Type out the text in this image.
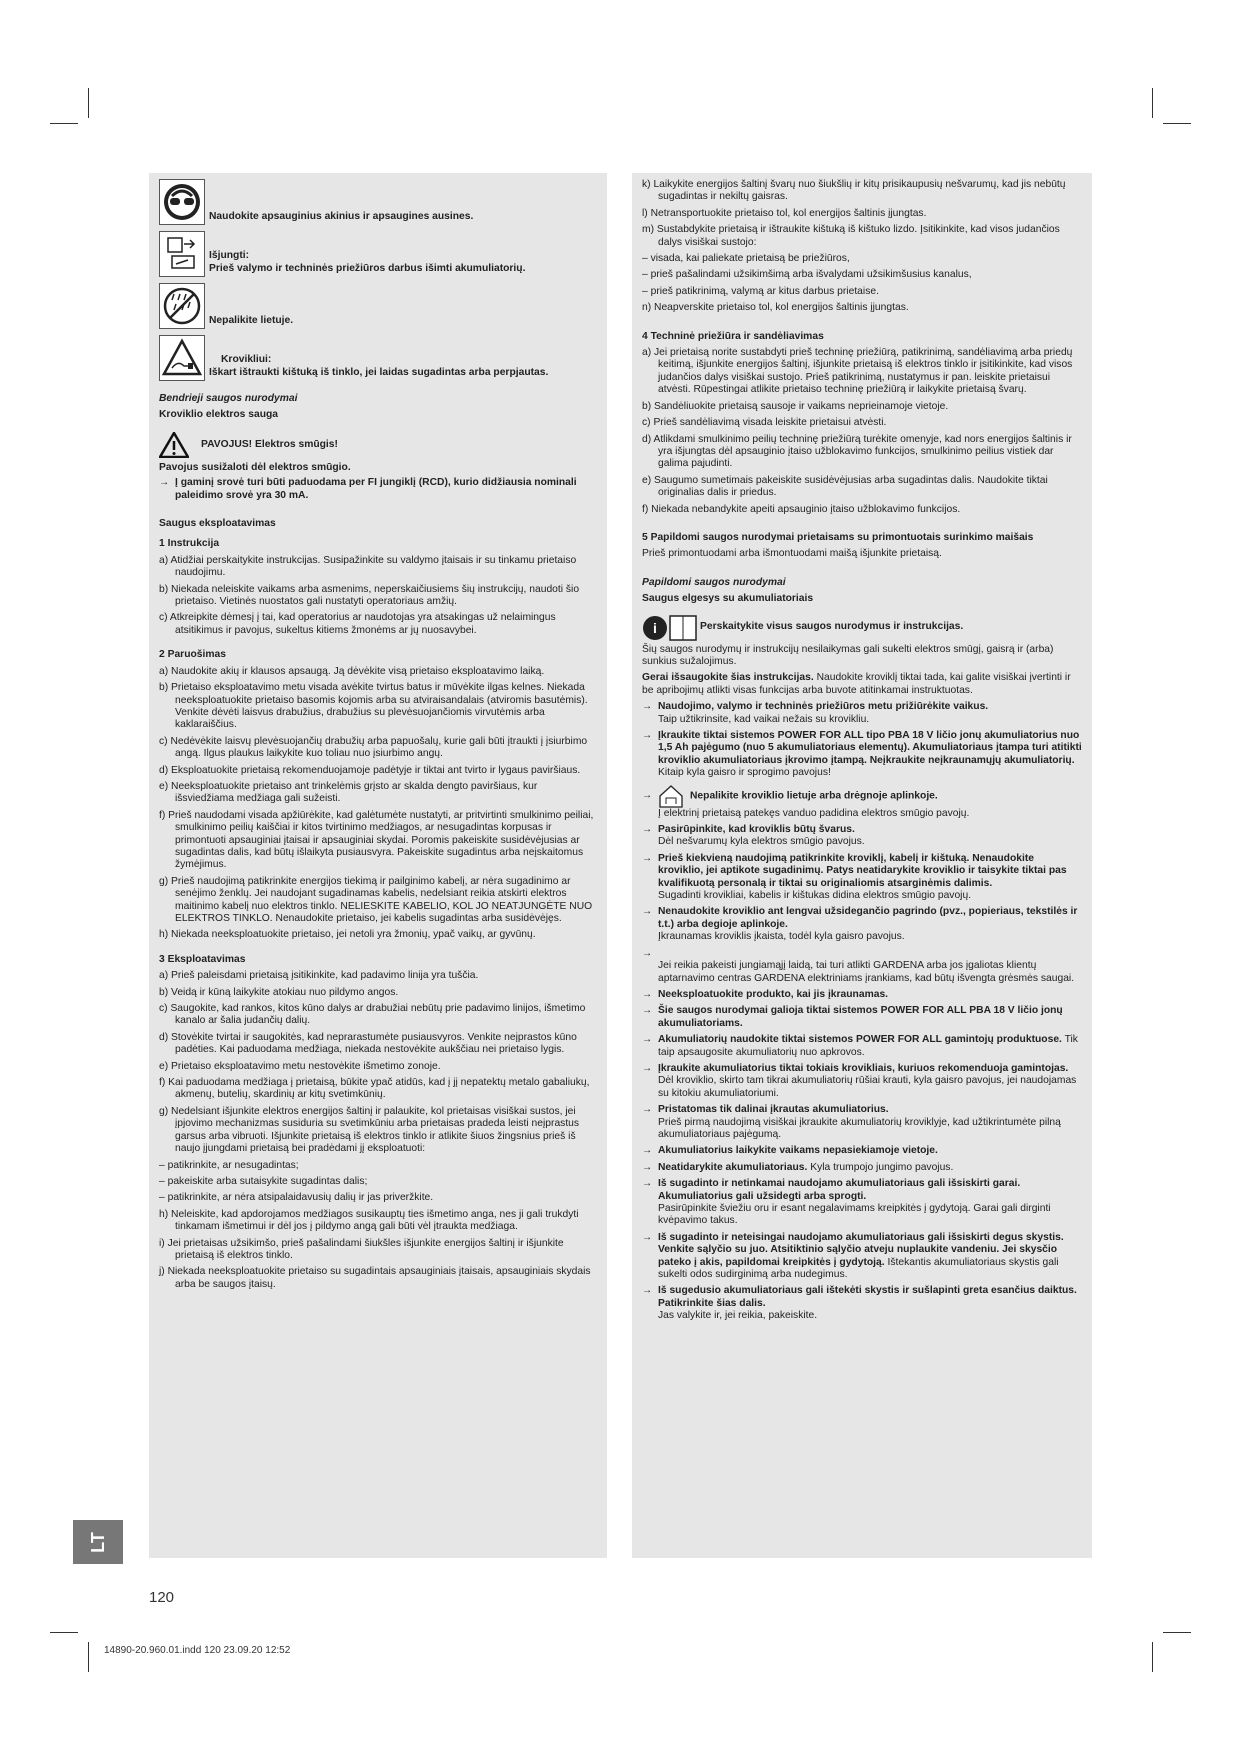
Naudokite apsauginius akinius ir apsaugines ausines.
Išjungti:
Prieš valymo ir techninės priežiūros darbus išimti akumuliatorių.
Nepalikite lietuje.
Krovikliui:
Iškart ištraukti kištuką iš tinklo, jei laidas sugadintas arba perpjautas.
Bendrieji saugos nurodymai
Kroviklio elektros sauga
PAVOJUS! Elektros smūgis!
Pavojus susižaloti dėl elektros smūgio.
→ Į gaminį srovė turi būti paduodama per FI jungiklį (RCD), kurio didžiausia nominali paleidimo srovė yra 30 mA.
Saugus eksploatavimas
1 Instrukcija
a) Atidžiai perskaitykite instrukcijas. Susipažinkite su valdymo įtaisais ir su tinkamu prietaiso naudojimu.
b) Niekada neleiskite vaikams arba asmenims, neperskaičiusiems šių instrukcijų, naudoti šio prietaiso. Vietinės nuostatos gali nustatyti operatoriaus amžių.
c) Atkreipkite dėmesį į tai, kad operatorius ar naudotojas yra atsakingas už nelaimingus atsitikimus ir pavojus, sukeltus kitiems žmonėms ar jų nuosavybei.
2 Paruošimas
a) Naudokite akių ir klausos apsaugą. Ją dėvėkite visą prietaiso eksploatavimo laiką.
b) Prietaiso eksploatavimo metu visada avėkite tvirtus batus ir mūvėkite ilgas kelnes. Niekada neeksploatuokite prietaiso basomis kojomis arba su atviraisandalais (atviromis basutėmis). Venkite dėvėti laisvus drabužius, drabužius su plevėsuojančiomis virvutėmis arba kaklaraiščius.
c) Nedėvėkite laisvų plevėsuojančių drabužių arba papuošalų, kurie gali būti įtraukti į įsiurbimo angą. Ilgus plaukus laikykite kuo toliau nuo įsiurbimo angų.
d) Eksploatuokite prietaisą rekomenduojamoje padėtyje ir tiktai ant tvirto ir lygaus paviršiaus.
e) Neeksploatuokite prietaiso ant trinkelėmis grįsto ar skalda dengto paviršiaus, kur išsviedžiama medžiaga gali sužeisti.
f) Prieš naudodami visada apžiūrėkite, kad galėtumėte nustatyti, ar pritvirtinti smulkinimo peiliai, smulkinimo peilių kaiščiai ir kitos tvirtinimo medžiagos, ar nesugadintas korpusas ir primontuoti apsauginiai įtaisai ir apsauginiai skydai. Poromis pakeiskite susidėvėjusias ar sugadintas dalis, kad būtų išlaikyta pusiausvyra. Pakeiskite sugadintus arba neįskaitomus žymėjimus.
g) Prieš naudojimą patikrinkite energijos tiekimą ir pailginimo kabelį, ar nėra sugadinimo ar senėjimo ženklų. Jei naudojant sugadinamas kabelis, nedelsiant reikia atskirti elektros maitinimo kabelį nuo elektros tinklo. NELIESKITE KABELIO, KOL JO NEATJUNGĖTE NUO ELEKTROS TINKLO. Nenaudokite prietaiso, jei kabelis sugadintas arba susidėvėjęs.
h) Niekada neeksploatuokite prietaiso, jei netoli yra žmonių, ypač vaikų, ar gyvūnų.
3 Eksploatavimas
a) Prieš paleisdami prietaisą įsitikinkite, kad padavimo linija yra tuščia.
b) Veidą ir kūną laikykite atokiau nuo pildymo angos.
c) Saugokite, kad rankos, kitos kūno dalys ar drabužiai nebūtų prie padavimo linijos, išmetimo kanalo ar šalia judančių dalių.
d) Stovėkite tvirtai ir saugokitės, kad neprarastumėte pusiausvyros. Venkite neįprastos kūno padėties. Kai paduodama medžiaga, niekada nestovėkite aukščiau nei prietaiso lygis.
e) Prietaiso eksploatavimo metu nestovėkite išmetimo zonoje.
f) Kai paduodama medžiaga į prietaisą, būkite ypač atidūs, kad į jį nepatektų metalo gabaliukų, akmenų, butelių, skardinių ar kitų svetimkūnių.
g) Nedelsiant išjunkite elektros energijos šaltinį ir palaukite, kol prietaisas visiškai sustos, jei įpjovimo mechanizmas susiduria su svetimkūniu arba prietaisas pradeda leisti neįprastus garsus arba vibruoti. Išjunkite prietaisą iš elektros tinklo ir atlikite šiuos žingsnius prieš iš naujo įjungdami prietaisą bei pradėdami jį eksploatuoti:
– patikrinkite, ar nesugadintas;
– pakeiskite arba sutaisykite sugadintas dalis;
– patikrinkite, ar nėra atsipalaidavusių dalių ir jas priveržkite.
h) Neleiskite, kad apdorojamos medžiagos susikauptų ties išmetimo anga, nes ji gali trukdyti tinkamam išmetimui ir dėl jos į pildymo angą gali būti vėl įtraukta medžiaga.
i) Jei prietaisas užsikimšo, prieš pašalindami šiukšles išjunkite energijos šaltinį ir išjunkite prietaisą iš elektros tinklo.
j) Niekada neeksploatuokite prietaiso su sugadintais apsauginiais įtaisais, apsauginiais skydais arba be saugos įtaisų.
k) Laikykite energijos šaltinį švarų nuo šiukšlių ir kitų prisikaupusių nešvarumų, kad jis nebūtų sugadintas ir nekiltų gaisras.
l) Netransportuokite prietaiso tol, kol energijos šaltinis įjungtas.
m) Sustabdykite prietaisą ir ištraukite kištuką iš kištuko lizdo. Įsitikinkite, kad visos judančios dalys visiškai sustojo:
– visada, kai paliekate prietaisą be priežiūros,
– prieš pašalindami užsikimšimą arba išvalydami užsikimšusius kanalus,
– prieš patikrinimą, valymą ar kitus darbus prietaise.
n) Neapverskite prietaiso tol, kol energijos šaltinis įjungtas.
4 Techninė priežiūra ir sandėliavimas
a) Jei prietaisą norite sustabdyti prieš techninę priežiūrą, patikrinimą, sandėliavimą arba priedų keitimą, išjunkite energijos šaltinį, išjunkite prietaisą iš elektros tinklo ir įsitikinkite, kad visos judančios dalys visiškai sustojo. Prieš patikrinimą, nustatymus ir pan. leiskite prietaisui atvėsti. Rūpestingai atlikite prietaiso techninę priežiūrą ir laikykite prietaisą švarų.
b) Sandėliuokite prietaisą sausoje ir vaikams neprieinamoje vietoje.
c) Prieš sandėliavimą visada leiskite prietaisui atvėsti.
d) Atlikdami smulkinimo peilių techninę priežiūrą turėkite omenyje, kad nors energijos šaltinis ir yra išjungtas dėl apsauginio įtaiso užblokavimo funkcijos, smulkinimo peilius vistiek dar galima pajudinti.
e) Saugumo sumetimais pakeiskite susidėvėjusias arba sugadintas dalis. Naudokite tiktai originalias dalis ir priedus.
f) Niekada nebandykite apeiti apsauginio įtaiso užblokavimo funkcijos.
5 Papildomi saugos nurodymai prietaisams su primontuotais surinkimo maišais
Prieš primontuodami arba išmontuodami maišą išjunkite prietaisą.
Papildomi saugos nurodymai
Saugus elgesys su akumuliatoriais
i	Perskaitykite visus saugos nurodymus ir instrukcijas.
Šių saugos nurodymų ir instrukcijų nesilaikymas gali sukelti elektros smūgį, gaisrą ir (arba) sunkius sužalojimus.
Gerai išsaugokite šias instrukcijas. Naudokite kroviklį tiktai tada, kai galite visiškai įvertinti ir be apribojimų atlikti visas funkcijas arba buvote atitinkamai instruktuotas.
→ Naudojimo, valymo ir techninės priežiūros metu prižiūrėkite vaikus.
Taip užtikrinsite, kad vaikai nežais su krovikliu.
→ Įkraukite tiktai sistemos POWER FOR ALL tipo PBA 18 V ličio jonų akumuliatorius nuo 1,5 Ah pajėgumo (nuo 5 akumuliatoriaus elementų). Akumuliatoriaus įtampa turi atitikti kroviklio akumuliatoriaus įkrovimo įtampą. Neįkraukite neįkraunamųjų akumuliatorių.
Kitaip kyla gaisro ir sprogimo pavojus!
→	Nepalikite kroviklio lietuje arba drėgnoje aplinkoje.
Į elektrinį prietaisą patekęs vanduo padidina elektros smūgio pavojų.
→ Pasirūpinkite, kad kroviklis būtų švarus.
Dėl nešvarumų kyla elektros smūgio pavojus.
→ Prieš kiekvieną naudojimą patikrinkite kroviklį, kabelį ir kištuką. Nenaudokite kroviklio, jei aptikote sugadinimų. Patys neatidarykite kroviklio ir taisykite tiktai pas kvalifikuotą personalą ir tiktai su originaliomis atsarginėmis dalimis.
Sugadinti krovikliai, kabelis ir kištukas didina elektros smūgio pavojų.
→ Nenaudokite kroviklio ant lengvai užsidegančio pagrindo (pvz., popieriaus, tekstilės ir t.t.) arba degioje aplinkoje.
Įkraunamas kroviklis įkaista, todėl kyla gaisro pavojus.
→
Jei reikia pakeisti jungiamąjį laidą, tai turi atlikti GARDENA arba jos įgaliotas klientų aptarnavimo centras GARDENA elektriniams įrankiams, kad būtų išvengta grėsmės saugai.
→ Neeksploatuokite produkto, kai jis įkraunamas.
→ Šie saugos nurodymai galioja tiktai sistemos POWER FOR ALL PBA 18 V ličio jonų akumuliatoriams.
→ Akumuliatorių naudokite tiktai sistemos POWER FOR ALL gamintojų produktuose. Tik taip apsaugosite akumuliatorių nuo apkrovos.
→ Įkraukite akumuliatorius tiktai tokiais krovikliais, kuriuos rekomenduoja gamintojas. Dėl kroviklio, skirto tam tikrai akumuliatorių rūšiai krauti, kyla gaisro pavojus, jei naudojamas su kitokiu akumuliatoriumi.
→ Pristatomas tik dalinai įkrautas akumuliatorius.
Prieš pirmą naudojimą visiškai įkraukite akumuliatorių kroviklyje, kad užtikrintumėte pilną akumuliatoriaus pajėgumą.
→ Akumuliatorius laikykite vaikams nepasiekiamoje vietoje.
→ Neatidarykite akumuliatoriaus. Kyla trumpojo jungimo pavojus.
→ Iš sugadinto ir netinkamai naudojamo akumuliatoriaus gali išsiskirti garai. Akumuliatorius gali užsidegti arba sprogti.
Pasirūpinkite šviežiu oru ir esant negalavimams kreipkitės į gydytoją. Garai gali dirginti kvėpavimo takus.
→ Iš sugadinto ir neteisingai naudojamo akumuliatoriaus gali išsiskirti degus skystis. Venkite sąlyčio su juo. Atsitiktinio sąlyčio atveju nuplaukite vandeniu. Jei skysčio pateko į akis, papildomai kreipkitės į gydytoją. Ištekantis akumuliatoriaus skystis gali sukelti odos sudirginimą arba nudegimus.
→ Iš sugedusio akumuliatoriaus gali ištekėti skystis ir sušlapinti greta esančius daiktus. Patikrinkite šias dalis.
Jas valykite ir, jei reikia, pakeiskite.
LT
120
14890-20.960.01.indd 120 23.09.20 12:52
